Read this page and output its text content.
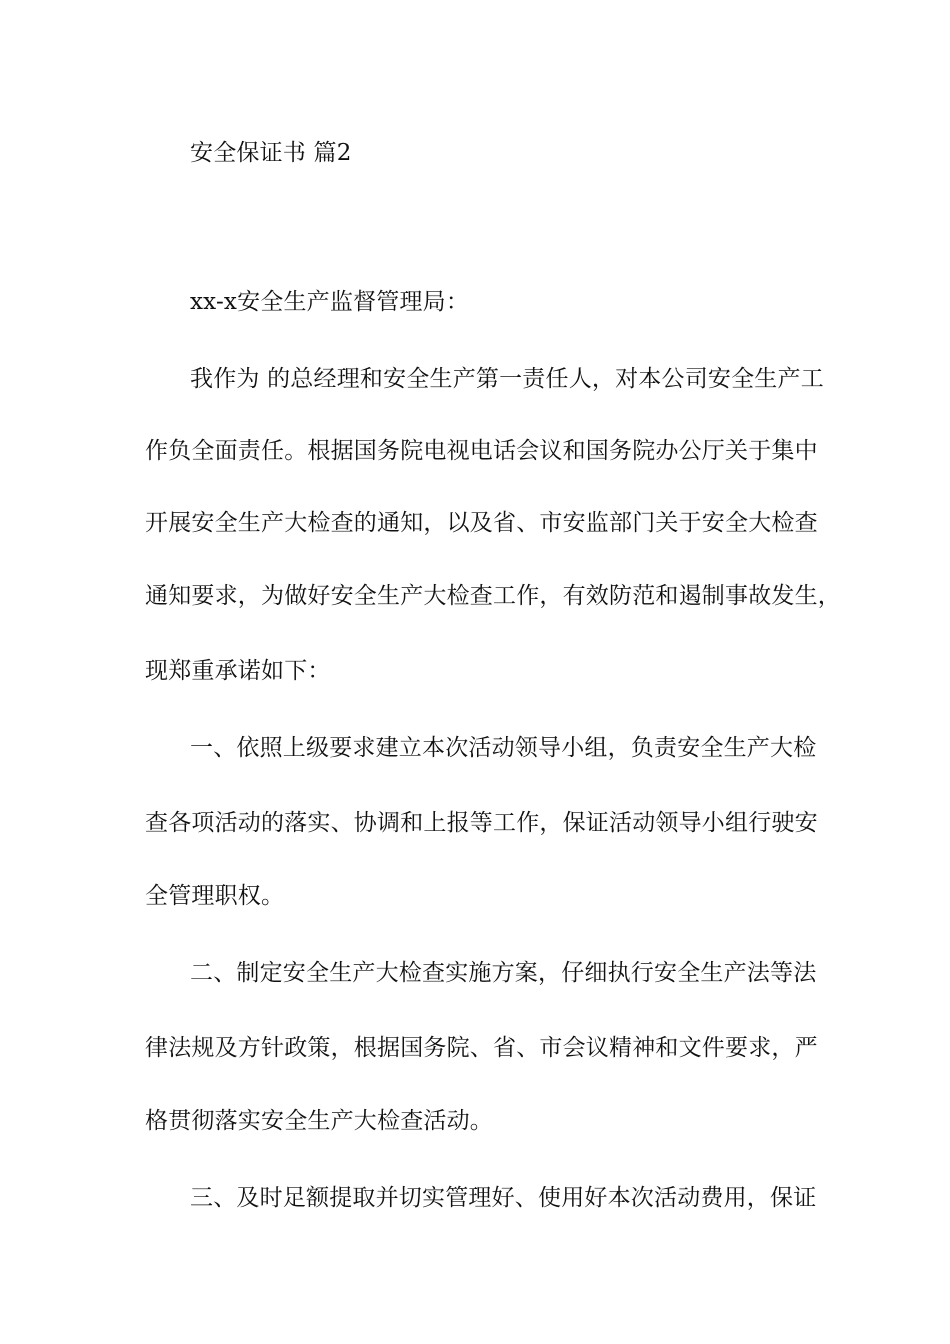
安全保证书 篇2
xx-x安全生产监督管理局：
我作为 的总经理和安全生产第一责任人，对本公司安全生产工
作负全面责任。根据国务院电视电话会议和国务院办公厅关于集中
开展安全生产大检查的通知，以及省、市安监部门关于安全大检查
通知要求，为做好安全生产大检查工作，有效防范和遏制事故发生，
现郑重承诺如下：
一、依照上级要求建立本次活动领导小组，负责安全生产大检
查各项活动的落实、协调和上报等工作，保证活动领导小组行驶安
全管理职权。
二、制定安全生产大检查实施方案，仔细执行安全生产法等法
律法规及方针政策，根据国务院、省、市会议精神和文件要求，严
格贯彻落实安全生产大检查活动。
三、及时足额提取并切实管理好、使用好本次活动费用，保证
